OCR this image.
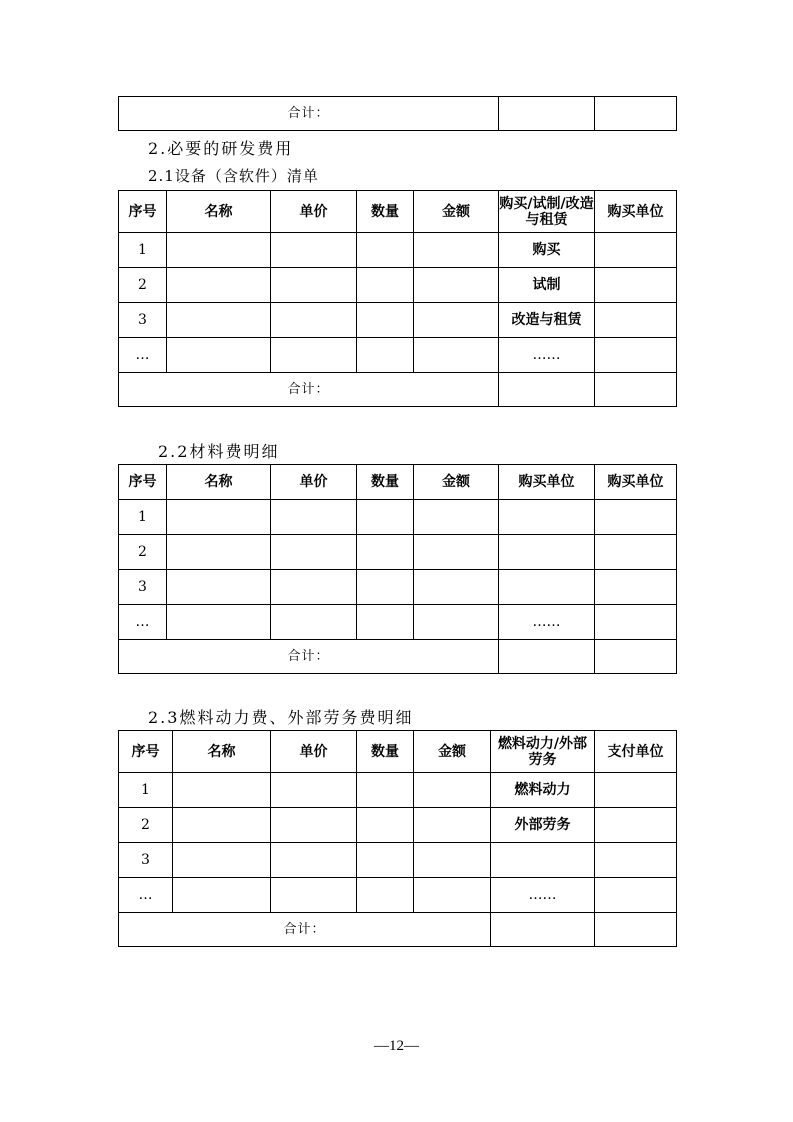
合计：		
2.必要的研发费用
2.1设备（含软件）清单
序号	名称	单价	数量	金额	购买/试制/改造与租赁	购买单位
1					购买	
2					试制	
3					改造与租赁	
…					……	
合计：						
2.2材料费明细
序号	名称	单价	数量	金额	购买单位	购买单位
1						
2						
3						
…					……	
合计：						
2.3燃料动力费、外部劳务费明细
序号	名称	单价	数量	金额	燃料动力/外部劳务	支付单位
1					燃料动力	
2					外部劳务	
3						
…					……	
合计：						
—12—
